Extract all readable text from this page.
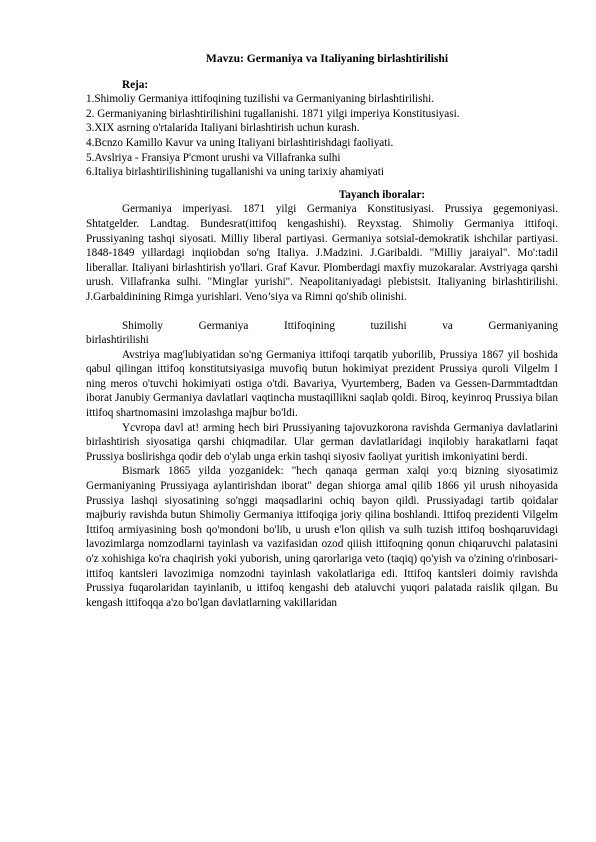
Mavzu: Germaniya va Italiyaning birlashtirilishi

Reja:

1.Shimoliy Germaniya ittifoqining tuzilishi va Germaniyaning birlashtirilishi.
2. Germaniyaning birlashtirilishini tugallanishi. 1871 yilgi imperiya Konstitusiyasi.
3.XIX asrning o'rtalarida Italiyani birlashtirish uchun kurash.
4.Bcnzo Kamillo Kavur va uning Italiyani birlashtirishdagi faoliyati.
5.Avslriya - Fransiya P'cmont urushi va Villafranka sulhi
6.Italiya birlashtirilishining tugallanishi va uning tarixiy ahamiyati

Tayanch iboralar:

Germaniya imperiyasi. 1871 yilgi Germaniya Konstitusiyasi. Prussiya gegemoniyasi. Shtatgelder. Landtag. Bundesrat(ittifoq kengashishi). Reyxstag. Shimoliy Germaniya ittifoqi. Prussiyaning tashqi siyosati. Milliy liberal partiyasi. Germaniya sotsial-demokratik ishchilar partiyasi. 1848-1849 yillardagi inqiiobdan so'ng Italiya. J.Madzini. J.Garibaldi. "Milliy jaraiyal". Mo':tadil liberallar. Italiyani birlashtirish yo'llari. Graf Kavur. Plomberdagi maxfiy muzokaralar. Avstriyaga qarshi urush. Villafranka sulhi. "Minglar yurishi". Neapolitaniyadagi plebistsit. Italiyaning birlashtirilishi. J.Garbaldinining Rimga yurishlari. Veno’siya va Rimni qo'shib olinishi.

Shimoliy Germaniya Ittifoqining tuzilishi va Germaniyaning

birlashtirilishi

Avstriya mag'lubiyatidan so'ng Germaniya ittifoqi tarqatib yuborilib, Prussiya 1867 yil boshida qabul qilingan ittifoq konstitutsiyasiga muvofiq butun hokimiyat prezident Prussiya quroli Vilgelm I ning meros o'tuvchi hokimiyati ostiga o'tdi. Bavariya, Vyurtemberg, Baden va Gessen-Darmmtadtdan iborat Janubiy Germaniya davlatlari vaqtincha mustaqillikni saqlab qoldi. Biroq, keyinroq Prussiya bilan ittifoq shartnomasini imzolashga majbur bo'ldi.

Ycvropa davl at! arming hech biri Prussiyaning tajovuzkorona ravishda Germaniya davlatlarini birlashtirish siyosatiga qarshi chiqmadilar. Ular german davlatlaridagi inqilobiy harakatlarni faqat Prussiya boslirishga qodir deb o'ylab unga erkin tashqi siyosiv faoliyat yuritish imkoniyatini berdi.

Bismark 1865 yilda yozganidek: "hech qanaqa german xalqi yo:q bizning siyosatimiz Germaniyaning Prussiyaga aylantirishdan iborat" degan shiorga amal qilib 1866 yil urush nihoyasida Prussiya lashqi siyosatining so'nggi maqsadlarini ochiq bayon qildi. Prussiyadagi tartib qoidalar majburiy ravishda butun Shimoliy Germaniya ittifoqiga joriy qilina boshlandi. Ittifoq prezidenti Vilgelm Ittifoq armiyasining bosh qo'mondoni bo'lib, u urush e'lon qilish va sulh tuzish ittifoq boshqaruvidagi lavozimlarga nomzodlarni tayinlash va vazifasidan ozod qiiish ittifoqning qonun chiqaruvchi palatasini o'z xohishiga ko'ra chaqirish yoki yuborish, uning qarorlariga veto (taqiq) qo'yish va o'zining o'rinbosari-ittifoq kantsleri lavozimiga nomzodni tayinlash vakolatlariga edi. Ittifoq kantsleri doimiy ravishda Prussiya fuqarolaridan tayinlanib, u ittifoq kengashi deb ataluvchi yuqori palatada raislik qilgan. Bu kengash ittifoqqa a'zo bo'lgan davlatlarning vakillaridan
